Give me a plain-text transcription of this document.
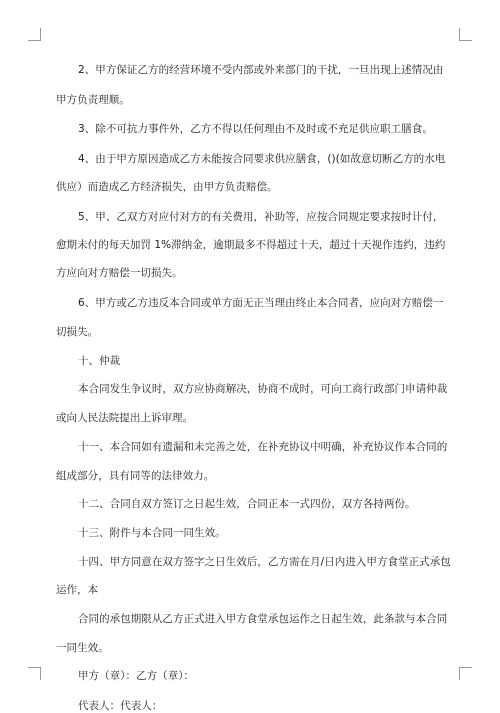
2、甲方保证乙方的经营环境不受内部或外来部门的干扰，一旦出现上述情况由
甲方负责理顺。
3、除不可抗力事件外，乙方不得以任何理由不及时或不充足供应职工膳食。
4、由于甲方原因造成乙方未能按合同要求供应膳食，()(如故意切断乙方的水电
供应）而造成乙方经济损失，由甲方负责赔偿。
5、甲、乙双方对应付对方的有关费用，补助等，应按合同规定要求按时计付，
愈期未付的每天加罚 1%滞纳金，逾期最多不得超过十天，超过十天视作违约，违约
方应向对方赔偿一切损失。
6、甲方或乙方违反本合同或单方面无正当理由终止本合同者，应向对方赔偿一
切损失。
十、仲裁
本合同发生争议时，双方应协商解决，协商不成时，可向工商行政部门申请仲裁
或向人民法院提出上诉审理。
十一、本合同如有遗漏和未完善之处，在补充协议中明确，补充协议作本合同的
组成部分，具有同等的法律效力。
十二、合同自双方签订之日起生效，合同正本一式四份，双方各持两份。
十三、附件与本合同一同生效。
十四、甲方同意在双方签字之日生效后，乙方需在月/日内进入甲方食堂正式承包
运作，本
合同的承包期限从乙方正式进入甲方食堂承包运作之日起生效，此条款与本合同
一同生效。
甲方（章）：乙方（章）：
代表人：代表人：
